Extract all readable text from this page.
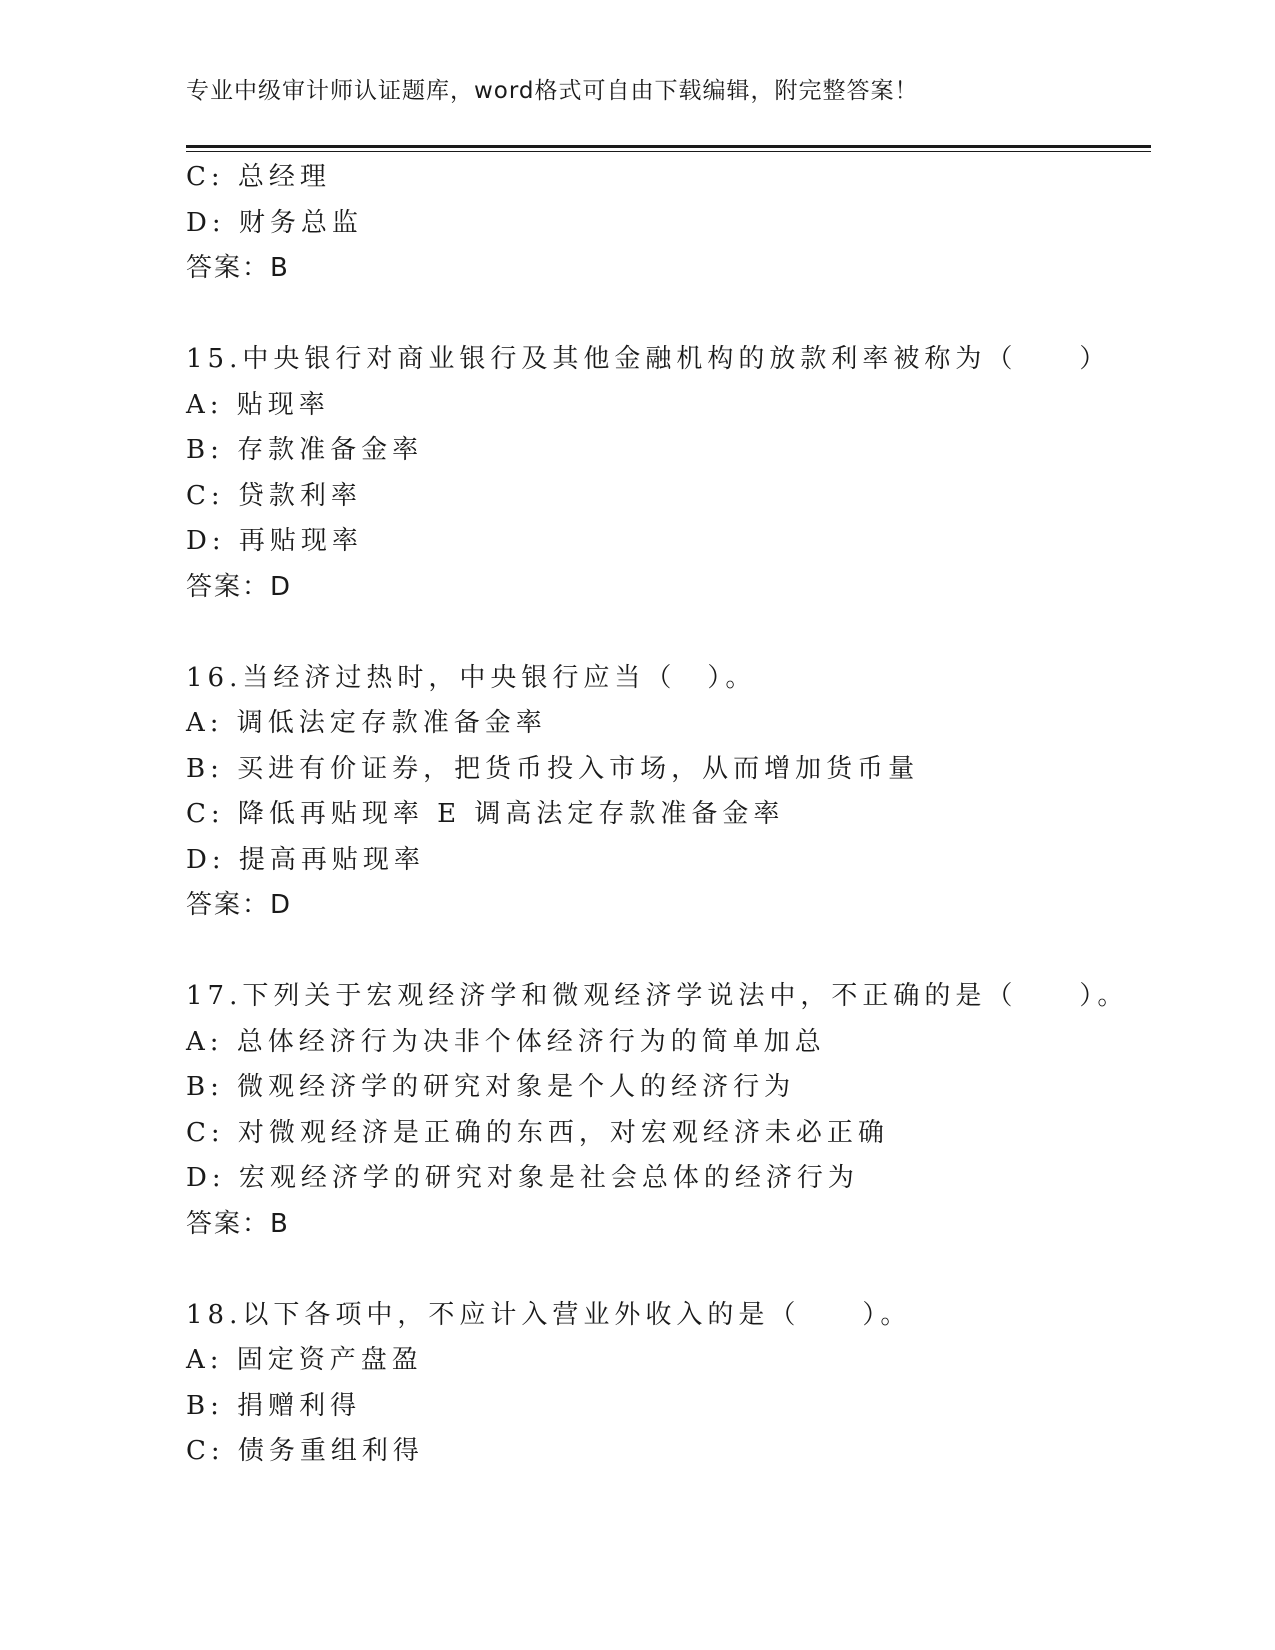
专业中级审计师认证题库，word格式可自由下载编辑，附完整答案！
C: 总经理
D: 财务总监
答案：B
15.中央银行对商业银行及其他金融机构的放款利率被称为（　　）
A: 贴现率
B: 存款准备金率
C: 贷款利率
D: 再贴现率
答案：D
16.当经济过热时，中央银行应当（　）。
A: 调低法定存款准备金率
B: 买进有价证券，把货币投入市场，从而增加货币量
C: 降低再贴现率 E 调高法定存款准备金率
D: 提高再贴现率
答案：D
17.下列关于宏观经济学和微观经济学说法中，不正确的是（　　）。
A: 总体经济行为决非个体经济行为的简单加总
B: 微观经济学的研究对象是个人的经济行为
C: 对微观经济是正确的东西，对宏观经济未必正确
D: 宏观经济学的研究对象是社会总体的经济行为
答案：B
18.以下各项中，不应计入营业外收入的是（　　）。
A: 固定资产盘盈
B: 捐赠利得
C: 债务重组利得
